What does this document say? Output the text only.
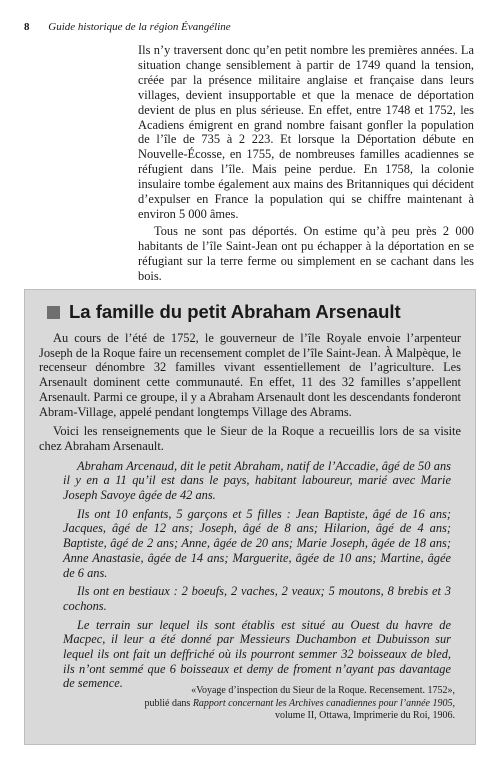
8 Guide historique de la région Évangéline

Ils n’y traversent donc qu’en petit nombre les premières années. La situation change sensiblement à partir de 1749 quand la tension, créée par la présence militaire anglaise et française dans leurs villages, devient insupportable et que la menace de déportation devient de plus en plus sérieuse. En effet, entre 1748 et 1752, les Acadiens émigrent en grand nombre faisant gonfler la population de l’île de 735 à 2 223. Et lorsque la Déportation débute en Nouvelle-Écosse, en 1755, de nombreuses familles acadiennes se réfugient dans l’île. Mais peine perdue. En 1758, la colonie insulaire tombe également aux mains des Britanniques qui décident d’expulser en France la population qui se chiffre maintenant à environ 5 000 âmes.

Tous ne sont pas déportés. On estime qu’à peu près 2 000 habitants de l’île Saint-Jean ont pu échapper à la déportation en se réfugiant sur la terre ferme ou simplement en se cachant dans les bois.

La famille du petit Abraham Arsenault

Au cours de l’été de 1752, le gouverneur de l’île Royale envoie l’arpenteur Joseph de la Roque faire un recensement complet de l’île Saint-Jean. À Malpèque, le recenseur dénombre 32 familles vivant essentiellement de l’agriculture. Les Arsenault dominent cette communauté. En effet, 11 des 32 familles s’appellent Arsenault. Parmi ce groupe, il y a Abraham Arsenault dont les descendants fonderont Abram-Village, appelé pendant longtemps Village des Abrams.

Voici les renseignements que le Sieur de la Roque a recueillis lors de sa visite chez Abraham Arsenault.

Abraham Arcenaud, dit le petit Abraham, natif de l’Accadie, âgé de 50 ans il y en a 11 qu’il est dans le pays, habitant laboureur, marié avec Marie Joseph Savoye âgée de 42 ans.

Ils ont 10 enfants, 5 garçons et 5 filles : Jean Baptiste, âgé de 16 ans; Jacques, âgé de 12 ans; Joseph, âgé de 8 ans; Hilarion, âgé de 4 ans; Baptiste, âgé de 2 ans; Anne, âgée de 20 ans; Marie Joseph, âgée de 18 ans; Anne Anastasie, âgée de 14 ans; Marguerite, âgée de 10 ans; Martine, âgée de 6 ans.

Ils ont en bestiaux : 2 boeufs, 2 vaches, 2 veaux; 5 moutons, 8 brebis et 3 cochons.

Le terrain sur lequel ils sont établis est situé au Ouest du havre de Macpec, il leur a été donné par Messieurs Duchambon et Dubuisson sur lequel ils ont fait un deffriché où ils pourront semmer 32 boisseaux de bled, ils n’ont semmé que 6 boisseaux et demy de froment n’ayant pas davantage de semence.

«Voyage d’inspection du Sieur de la Roque. Recensement. 1752»,
publié dans Rapport concernant les Archives canadiennes pour l’année 1905,
volume II, Ottawa, Imprimerie du Roi, 1906.
